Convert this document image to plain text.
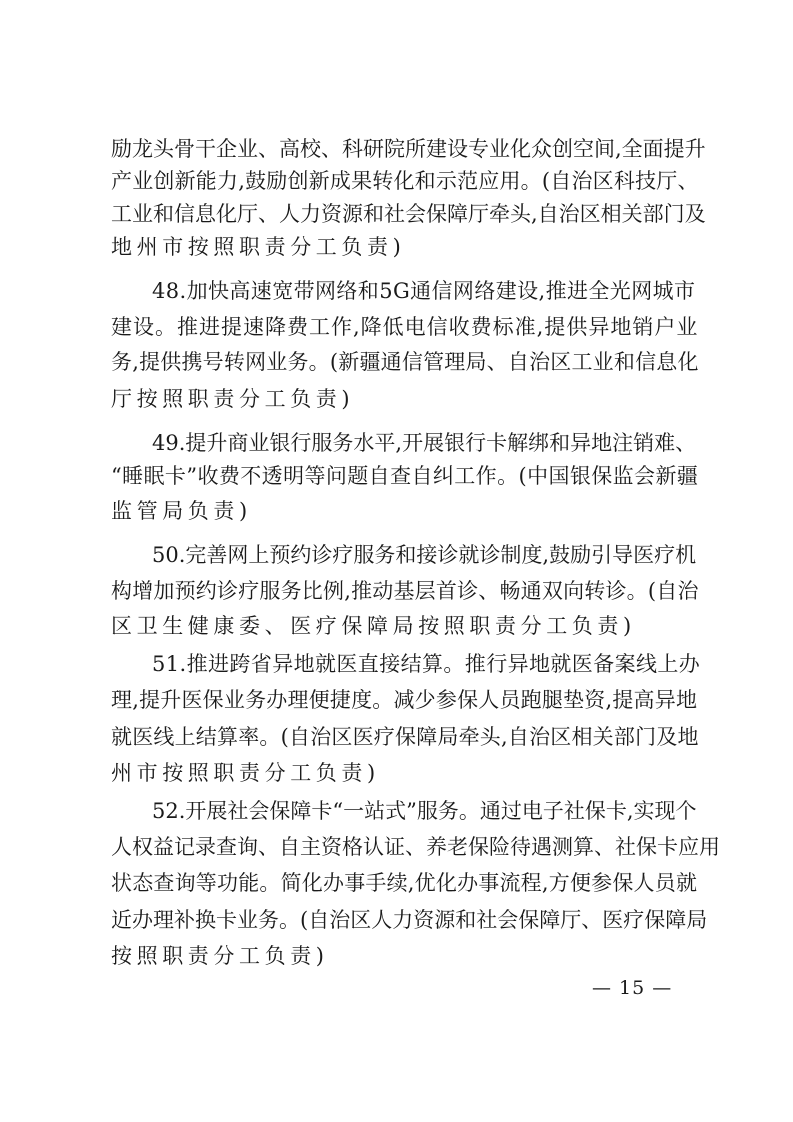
励龙头骨干企业、高校、科研院所建设专业化众创空间,全面提升
产业创新能力,鼓励创新成果转化和示范应用。(自治区科技厅、
工业和信息化厅、人力资源和社会保障厅牵头,自治区相关部门及
地州市按照职责分工负责)
48.加快高速宽带网络和5G通信网络建设,推进全光网城市
建设。推进提速降费工作,降低电信收费标准,提供异地销户业
务,提供携号转网业务。(新疆通信管理局、自治区工业和信息化
厅按照职责分工负责)
49.提升商业银行服务水平,开展银行卡解绑和异地注销难、
“睡眠卡”收费不透明等问题自查自纠工作。(中国银保监会新疆
监管局负责)
50.完善网上预约诊疗服务和接诊就诊制度,鼓励引导医疗机
构增加预约诊疗服务比例,推动基层首诊、畅通双向转诊。(自治
区卫生健康委、医疗保障局按照职责分工负责)
51.推进跨省异地就医直接结算。推行异地就医备案线上办
理,提升医保业务办理便捷度。减少参保人员跑腿垫资,提高异地
就医线上结算率。(自治区医疗保障局牵头,自治区相关部门及地
州市按照职责分工负责)
52.开展社会保障卡“一站式”服务。通过电子社保卡,实现个
人权益记录查询、自主资格认证、养老保险待遇测算、社保卡应用
状态查询等功能。简化办事手续,优化办事流程,方便参保人员就
近办理补换卡业务。(自治区人力资源和社会保障厅、医疗保障局
按照职责分工负责)
— 15 —
